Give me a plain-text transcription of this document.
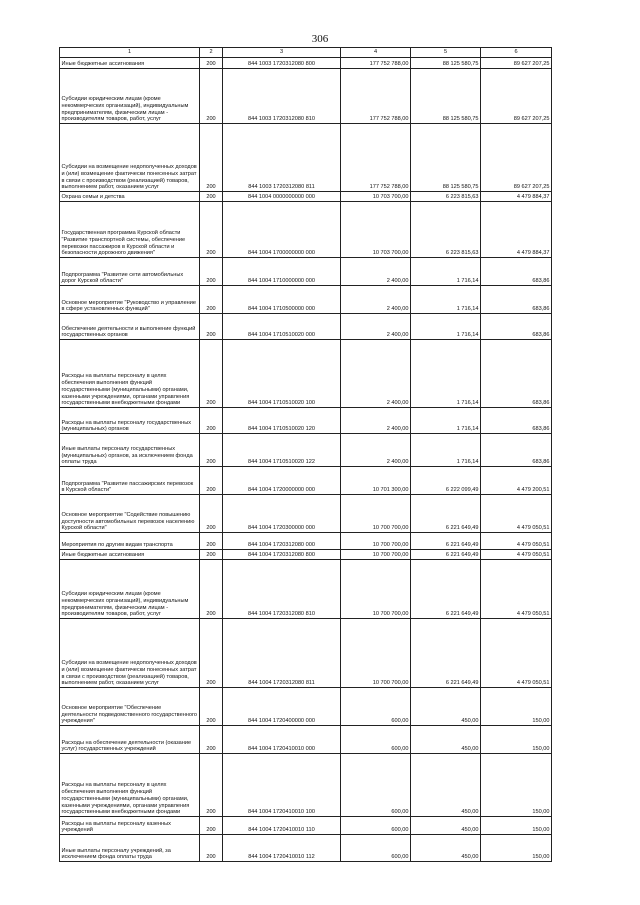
306
1	2	3	4	5	6
Иные бюджетные ассигнования	200	844 1003 1720312080 800	177 752 788,00	88 125 580,75	89 627 207,25
Субсидии юридическим лицам (кроме некоммерческих организаций), индивидуальным предпринимателям, физическим лицам - производителям товаров, работ, услуг	200	844 1003 1720312080 810	177 752 788,00	88 125 580,75	89 627 207,25
Субсидии на возмещение недополученных доходов и (или) возмещение фактически понесенных затрат в связи с производством (реализацией) товаров, выполнением работ, оказанием услуг	200	844 1003 1720312080 811	177 752 788,00	88 125 580,75	89 627 207,25
Охрана семьи и детства	200	844 1004 0000000000 000	10 703 700,00	6 223 815,63	4 479 884,37
Государственная программа Курской области "Развитие транспортной системы, обеспечение перевозки пассажиров в Курской области и безопасности дорожного движения"	200	844 1004 1700000000 000	10 703 700,00	6 223 815,63	4 479 884,37
Подпрограмма "Развитие сети автомобильных дорог Курской области"	200	844 1004 1710000000 000	2 400,00	1 716,14	683,86
Основное мероприятие "Руководство и управление в сфере установленных функций"	200	844 1004 1710500000 000	2 400,00	1 716,14	683,86
Обеспечение деятельности и выполнение функций государственных органов	200	844 1004 1710510020 000	2 400,00	1 716,14	683,86
Расходы на выплаты персоналу в целях обеспечения выполнения функций государственными (муниципальными) органами, казенными учреждениями, органами управления государственными внебюджетными фондами	200	844 1004 1710510020 100	2 400,00	1 716,14	683,86
Расходы на выплаты персоналу государственных (муниципальных) органов	200	844 1004 1710510020 120	2 400,00	1 716,14	683,86
Иные выплаты персоналу государственных (муниципальных) органов, за исключением фонда оплаты труда	200	844 1004 1710510020 122	2 400,00	1 716,14	683,86
Подпрограмма "Развитие пассажирских перевозок в Курской области"	200	844 1004 1720000000 000	10 701 300,00	6 222 099,49	4 479 200,51
Основное мероприятие "Содействие повышению доступности автомобильных перевозок населению Курской области"	200	844 1004 1720300000 000	10 700 700,00	6 221 649,49	4 479 050,51
Мероприятия по другим видам транспорта	200	844 1004 1720312080 000	10 700 700,00	6 221 649,49	4 479 050,51
Иные бюджетные ассигнования	200	844 1004 1720312080 800	10 700 700,00	6 221 649,49	4 479 050,51
Субсидии юридическим лицам (кроме некоммерческих организаций), индивидуальным предпринимателям, физическим лицам - производителям товаров, работ, услуг	200	844 1004 1720312080 810	10 700 700,00	6 221 649,49	4 479 050,51
Субсидии на возмещение недополученных доходов и (или) возмещение фактически понесенных затрат в связи с производством (реализацией) товаров, выполнением работ, оказанием услуг	200	844 1004 1720312080 811	10 700 700,00	6 221 649,49	4 479 050,51
Основное мероприятие "Обеспечение деятельности подведомственного государственного учреждения"	200	844 1004 1720400000 000	600,00	450,00	150,00
Расходы на обеспечение деятельности (оказание услуг) государственных учреждений	200	844 1004 1720410010 000	600,00	450,00	150,00
Расходы на выплаты персоналу в целях обеспечения выполнения функций государственными (муниципальными) органами, казенными учреждениями, органами управления государственными внебюджетными фондами	200	844 1004 1720410010 100	600,00	450,00	150,00
Расходы на выплаты персоналу казенных учреждений	200	844 1004 1720410010 110	600,00	450,00	150,00
Иные выплаты персоналу учреждений, за исключением фонда оплаты труда	200	844 1004 1720410010 112	600,00	450,00	150,00
